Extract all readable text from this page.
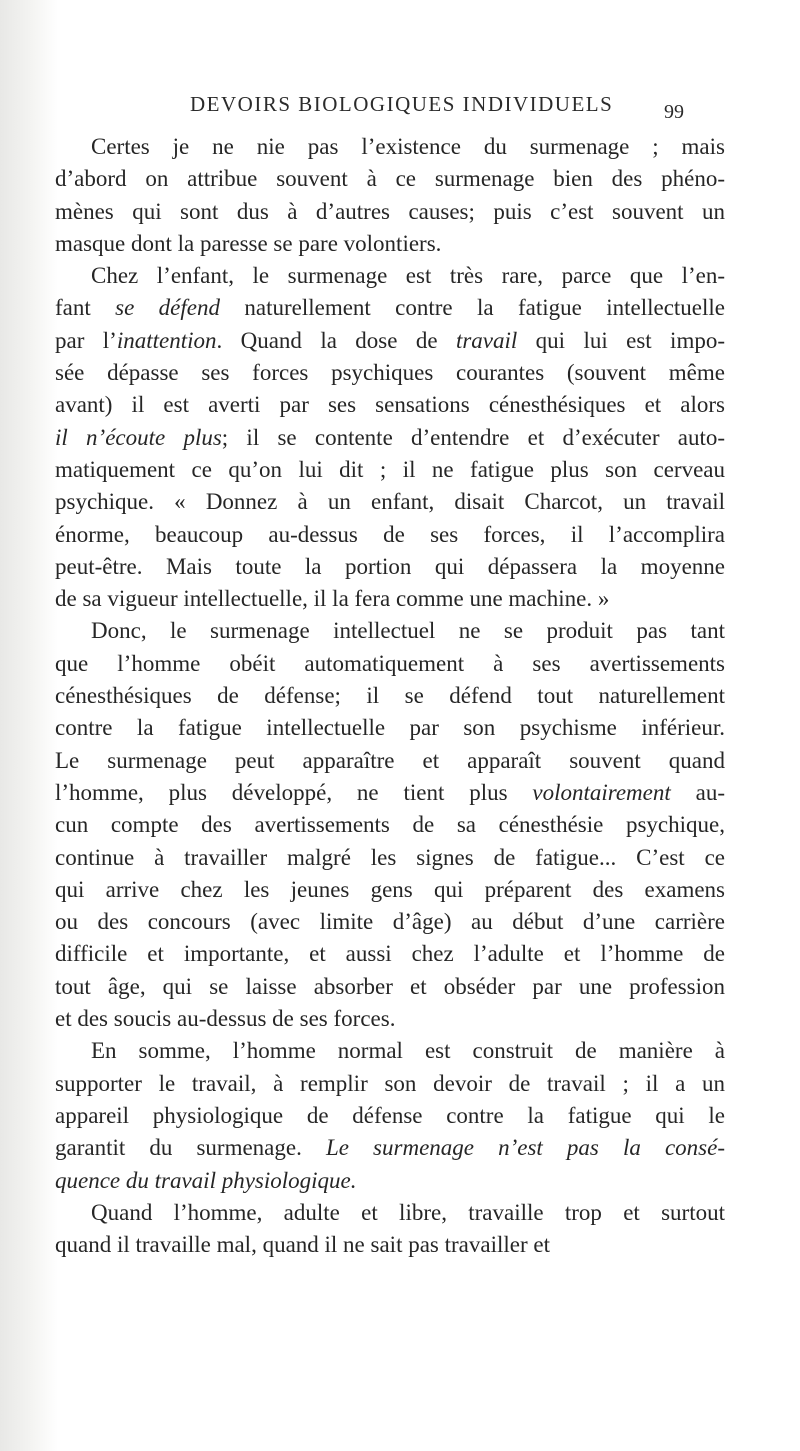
DEVOIRS BIOLOGIQUES INDIVIDUELS	99
Certes je ne nie pas l’existence du surmenage ; mais
d’abord on attribue souvent à ce surmenage bien des phéno-
mènes qui sont dus à d’autres causes; puis c’est souvent un
masque dont la paresse se pare volontiers.
Chez l’enfant, le surmenage est très rare, parce que l’en-
fant se défend naturellement contre la fatigue intellectuelle
par l’inattention. Quand la dose de travail qui lui est impo-
sée dépasse ses forces psychiques courantes (souvent même
avant) il est averti par ses sensations cénesthésiques et alors
il n’écoute plus; il se contente d’entendre et d’exécuter auto-
matiquement ce qu’on lui dit ; il ne fatigue plus son cerveau
psychique. « Donnez à un enfant, disait Charcot, un travail
énorme, beaucoup au-dessus de ses forces, il l’accomplira
peut-être. Mais toute la portion qui dépassera la moyenne
de sa vigueur intellectuelle, il la fera comme une machine. »
Donc, le surmenage intellectuel ne se produit pas tant
que l’homme obéit automatiquement à ses avertissements
cénesthésiques de défense; il se défend tout naturellement
contre la fatigue intellectuelle par son psychisme inférieur.
Le surmenage peut apparaître et apparaît souvent quand
l’homme, plus développé, ne tient plus volontairement au-
cun compte des avertissements de sa cénesthésie psychique,
continue à travailler malgré les signes de fatigue... C’est ce
qui arrive chez les jeunes gens qui préparent des examens
ou des concours (avec limite d’âge) au début d’une carrière
difficile et importante, et aussi chez l’adulte et l’homme de
tout âge, qui se laisse absorber et obséder par une profession
et des soucis au-dessus de ses forces.
En somme, l’homme normal est construit de manière à
supporter le travail, à remplir son devoir de travail ; il a un
appareil physiologique de défense contre la fatigue qui le
garantit du surmenage. Le surmenage n’est pas la consé-
quence du travail physiologique.
Quand l’homme, adulte et libre, travaille trop et surtout
quand il travaille mal, quand il ne sait pas travailler et
